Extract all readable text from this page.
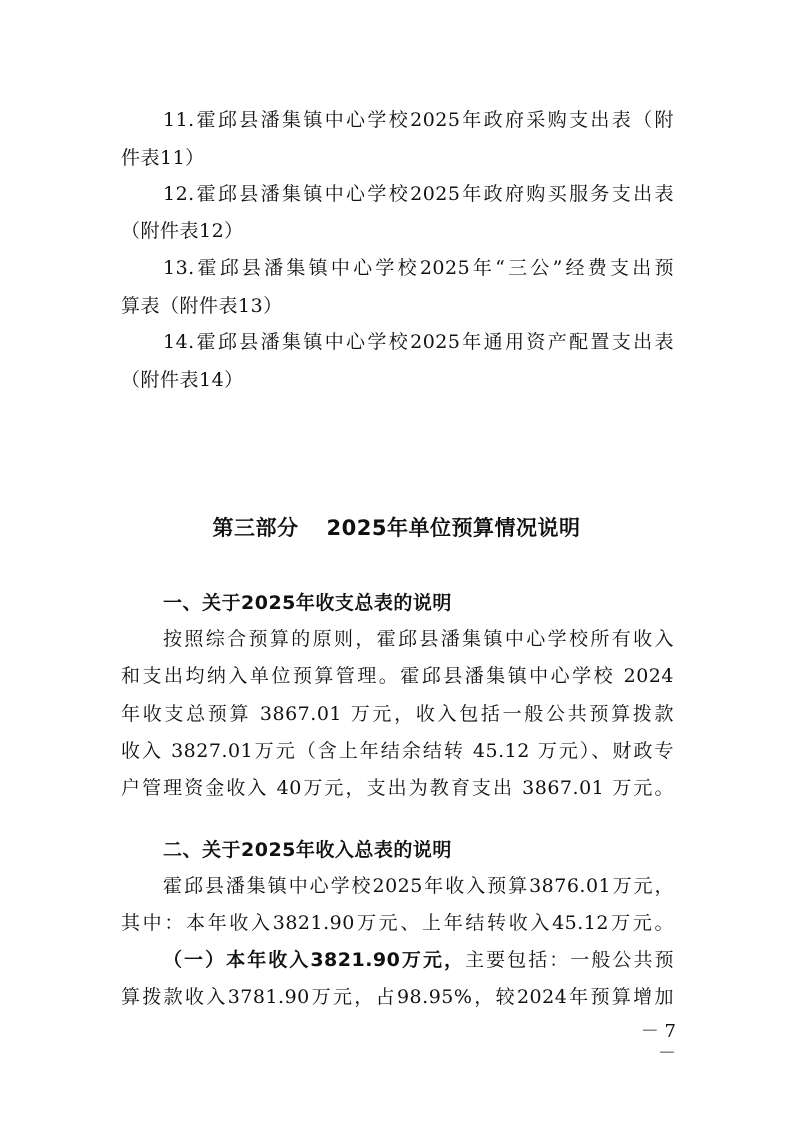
11.霍邱县潘集镇中心学校2025年政府采购支出表（附
件表11）
12.霍邱县潘集镇中心学校2025年政府购买服务支出表
（附件表12）
13.霍邱县潘集镇中心学校2025年“三公”经费支出预
算表（附件表13）
14.霍邱县潘集镇中心学校2025年通用资产配置支出表
（附件表14）
第三部分 2025年单位预算情况说明
一、关于2025年收支总表的说明
按照综合预算的原则，霍邱县潘集镇中心学校所有收入
和支出均纳入单位预算管理。霍邱县潘集镇中心学校 2024
年收支总预算 3867.01 万元，收入包括一般公共预算拨款
收入 3827.01万元（含上年结余结转 45.12 万元）、财政专
户管理资金收入 40万元，支出为教育支出 3867.01 万元。
二、关于2025年收入总表的说明
霍邱县潘集镇中心学校2025年收入预算3876.01万元，
其中：本年收入3821.90万元、上年结转收入45.12万元。
（一）本年收入3821.90万元，主要包括：一般公共预
算拨款收入3781.90万元，占98.95%，较2024年预算增加
－ 7 －
